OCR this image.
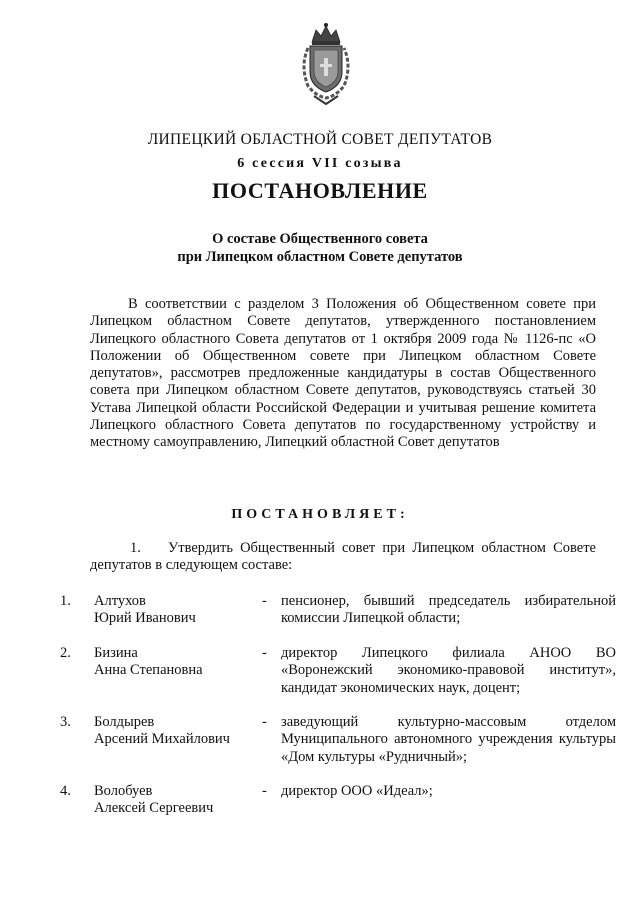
ЛИПЕЦКИЙ ОБЛАСТНОЙ СОВЕТ ДЕПУТАТОВ
6 сессия VII созыва
ПОСТАНОВЛЕНИЕ
О составе Общественного совета
при Липецком областном Совете депутатов

В соответствии с разделом 3 Положения об Общественном совете при Липецком областном Совете депутатов, утвержденного постановлением Липецкого областного Совета депутатов от 1 октября 2009 года № 1126-пс «О Положении об Общественном совете при Липецком областном Совете депутатов», рассмотрев предложенные кандидатуры в состав Общественного совета при Липецком областном Совете депутатов, руководствуясь статьей 30 Устава Липецкой области Российской Федерации и учитывая решение комитета Липецкого областного Совета депутатов по государственному устройству и местному самоуправлению, Липецкий областной Совет депутатов

ПОСТАНОВЛЯЕТ:
1. Утвердить Общественный совет при Липецком областном Совете депутатов в следующем составе:
1. Алтухов
Юрий Иванович
- пенсионер, бывший председатель избирательной комиссии Липецкой области;
2. Бизина
Анна Степановна
- директор Липецкого филиала АНОО ВО «Воронежский экономико-правовой институт», кандидат экономических наук, доцент;
3. Болдырев
Арсений Михайлович
- заведующий культурно-массовым отделом Муниципального автономного учреждения культуры «Дом культуры «Рудничный»;
4. Волобуев
Алексей Сергеевич
- директор ООО «Идеал»;
